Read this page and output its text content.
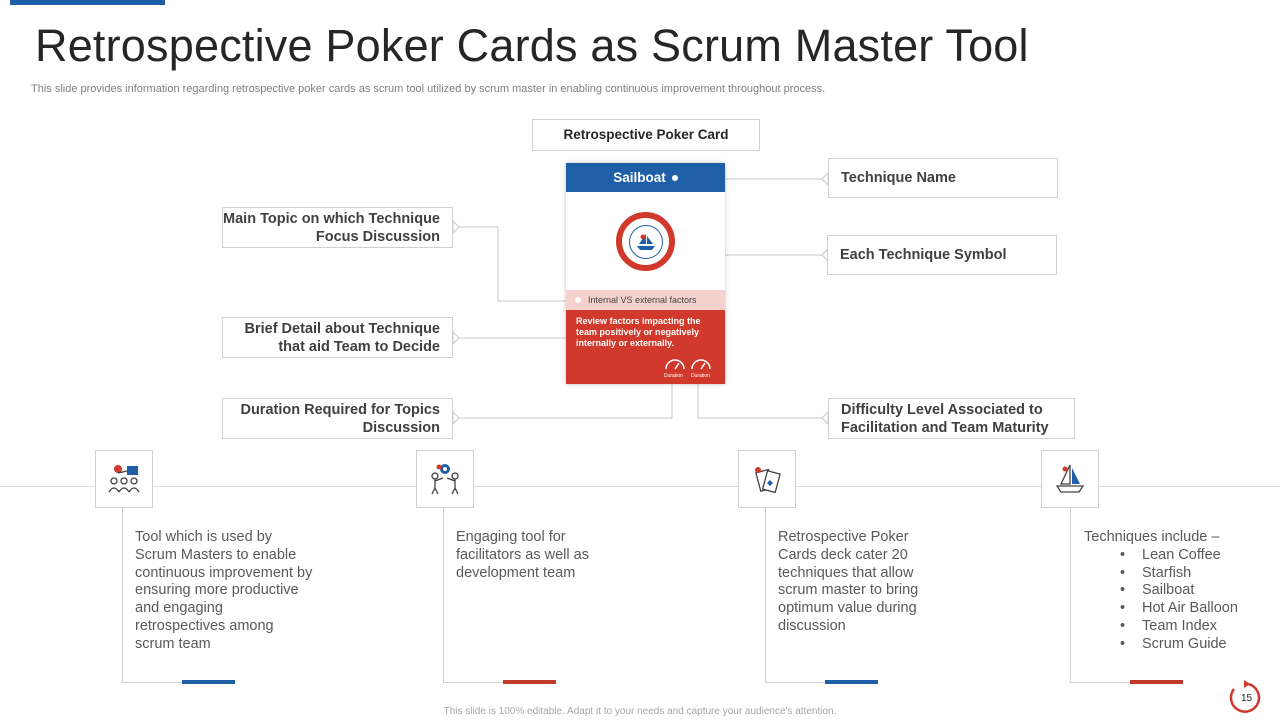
Retrospective Poker Cards as Scrum Master Tool
This slide provides information regarding retrospective poker cards as scrum tool utilized by scrum master in enabling continuous improvement throughout process.
Retrospective Poker Card
Technique Name
Each Technique Symbol
Main Topic on which Technique Focus Discussion
Brief Detail about Technique that aid Team to Decide
Duration Required for Topics Discussion
Difficulty Level Associated to Facilitation and Team Maturity
Sailboat
Internal VS external factors
Review factors impacting the team positively or negatively internally or externally.
Duration Duration
Tool which is used by Scrum Masters to enable continuous improvement by ensuring more productive and engaging retrospectives among scrum team
Engaging tool for facilitators as well as development team
Retrospective Poker Cards deck cater 20 techniques that allow scrum master to bring optimum value during discussion
Techniques include –
• Lean Coffee
• Starfish
• Sailboat
• Hot Air Balloon
• Team Index
• Scrum Guide
This slide is 100% editable. Adapt it to your needs and capture your audience's attention.
15
